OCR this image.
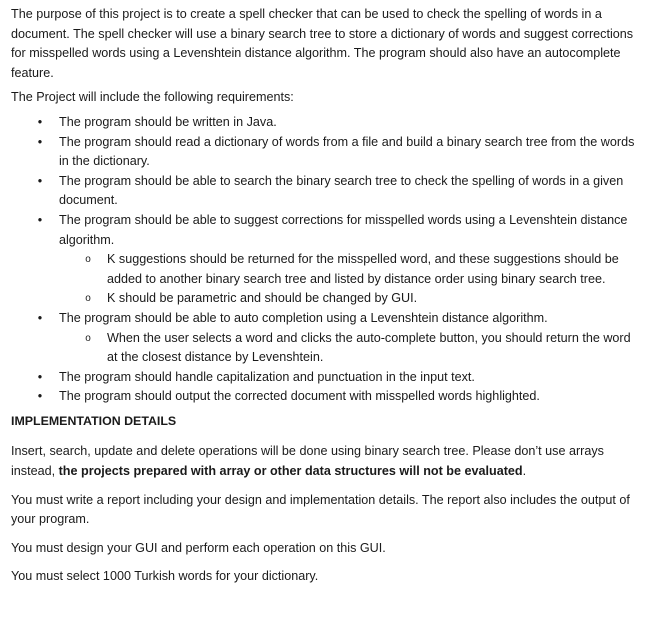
The purpose of this project is to create a spell checker that can be used to check the spelling of words in a document. The spell checker will use a binary search tree to store a dictionary of words and suggest corrections for misspelled words using a Levenshtein distance algorithm. The program should also have an autocomplete feature.

The Project will include the following requirements:

• The program should be written in Java.
• The program should read a dictionary of words from a file and build a binary search tree from the words in the dictionary.
• The program should be able to search the binary search tree to check the spelling of words in a given document.
• The program should be able to suggest corrections for misspelled words using a Levenshtein distance algorithm.
o K suggestions should be returned for the misspelled word, and these suggestions should be added to another binary search tree and listed by distance order using binary search tree.
o K should be parametric and should be changed by GUI.
• The program should be able to auto completion using a Levenshtein distance algorithm.
o When the user selects a word and clicks the auto-complete button, you should return the word at the closest distance by Levenshtein.
• The program should handle capitalization and punctuation in the input text.
• The program should output the corrected document with misspelled words highlighted.

IMPLEMENTATION DETAILS

Insert, search, update and delete operations will be done using binary search tree. Please don’t use arrays instead, the projects prepared with array or other data structures will not be evaluated.

You must write a report including your design and implementation details. The report also includes the output of your program.

You must design your GUI and perform each operation on this GUI.

You must select 1000 Turkish words for your dictionary.
